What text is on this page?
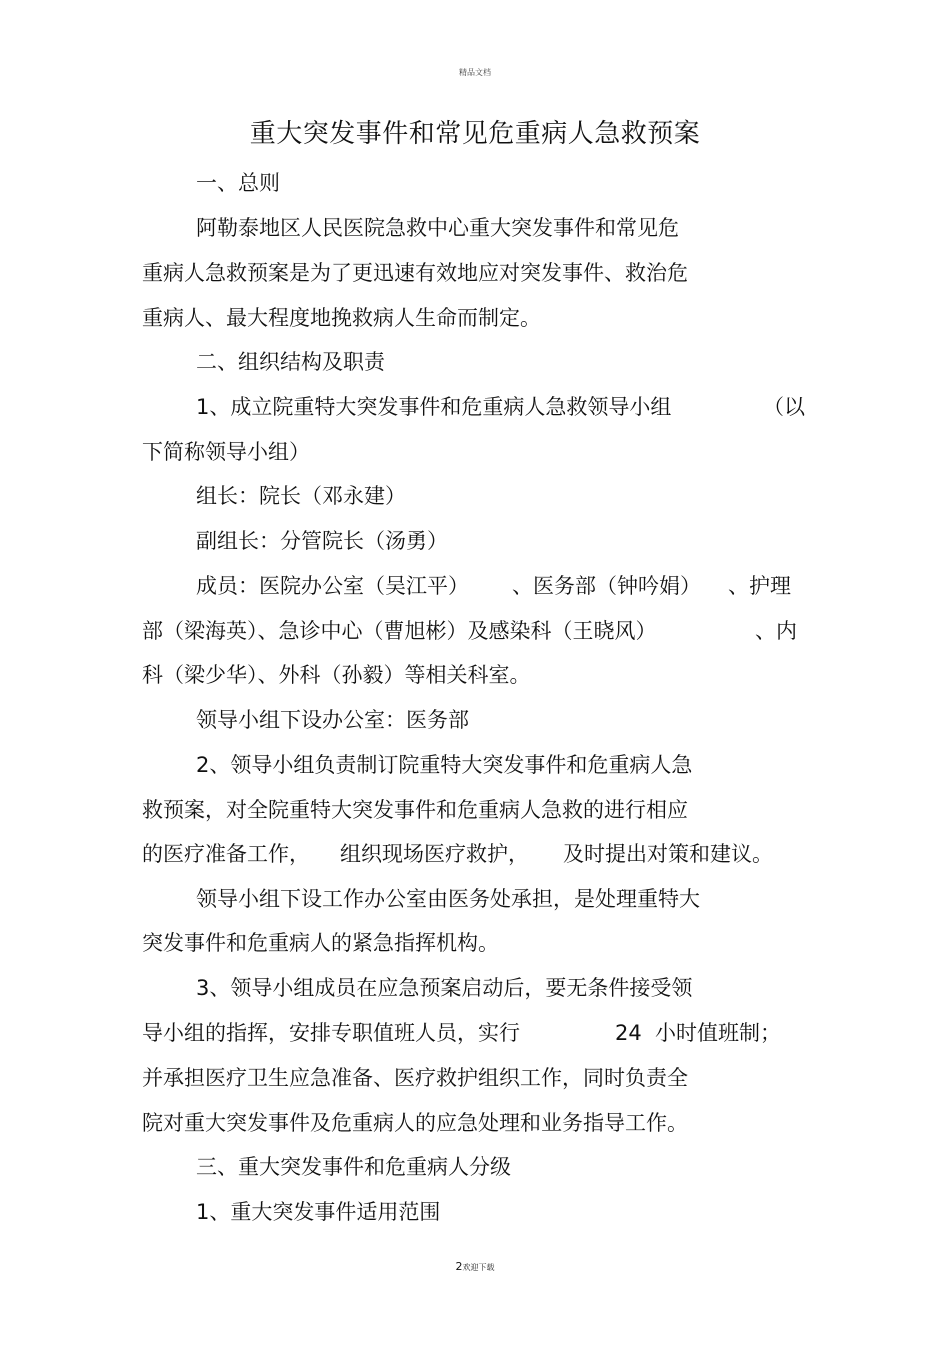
精品文档
重大突发事件和常见危重病人急救预案
一、总则
阿勒泰地区人民医院急救中心重大突发事件和常见危
重病人急救预案是为了更迅速有效地应对突发事件、救治危
重病人、最大程度地挽救病人生命而制定。
二、组织结构及职责
1、成立院重特大突发事件和危重病人急救领导小组	（以
下简称领导小组）
组长：院长（邓永建）
副组长：分管院长（汤勇）
成员：医院办公室（吴江平） 、医务部（钟吟娟） 、护理
部（梁海英）、急诊中心（曹旭彬）及感染科（王晓风）	、内
科（梁少华）、外科（孙毅）等相关科室。
领导小组下设办公室：医务部
2、领导小组负责制订院重特大突发事件和危重病人急
救预案，对全院重特大突发事件和危重病人急救的进行相应
的医疗准备工作， 组织现场医疗救护， 及时提出对策和建议。
领导小组下设工作办公室由医务处承担，是处理重特大
突发事件和危重病人的紧急指挥机构。
3、领导小组成员在应急预案启动后，要无条件接受领
导小组的指挥，安排专职值班人员，实行	24 小时值班制；
并承担医疗卫生应急准备、医疗救护组织工作，同时负责全
院对重大突发事件及危重病人的应急处理和业务指导工作。
三、重大突发事件和危重病人分级
1、重大突发事件适用范围
2欢迎下载
